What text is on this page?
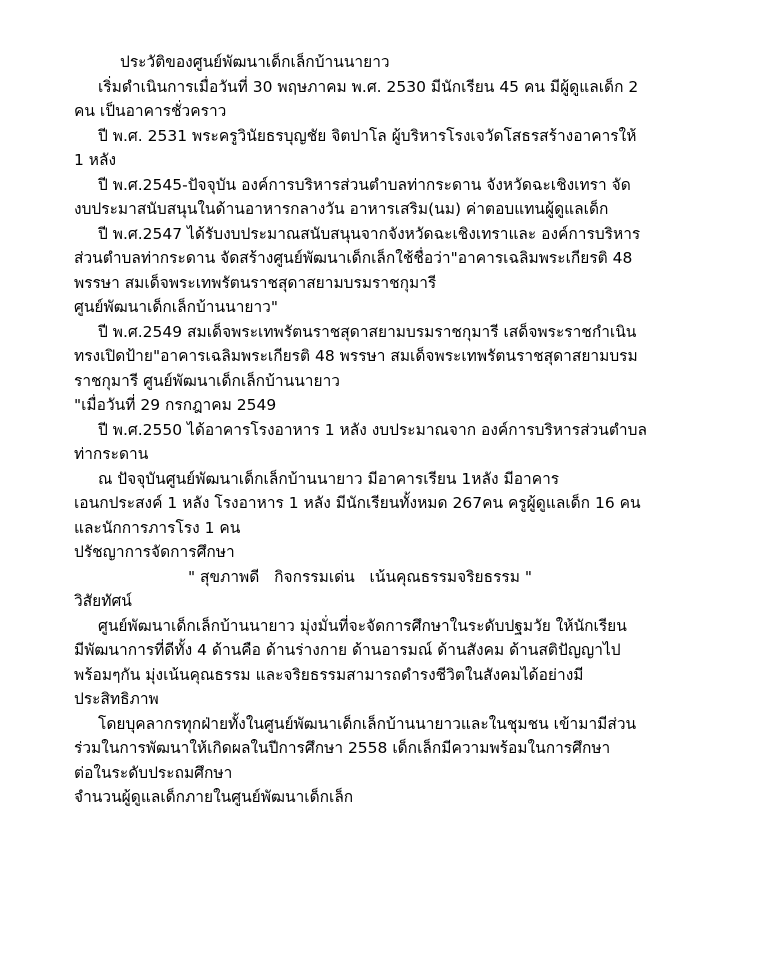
ประวัติของศูนย์พัฒนาเด็กเล็กบ้านนายาว
เริ่มดำเนินการเมื่อวันที่ 30 พฤษภาคม พ.ศ. 2530 มีนักเรียน 45 คน มีผู้ดูแลเด็ก 2
คน เป็นอาคารชั่วคราว
ปี พ.ศ. 2531 พระครูวินัยธรบุญชัย จิตปาโล ผู้บริหารโรงเจวัดโสธรสร้างอาคารให้
1 หลัง
ปี พ.ศ.2545-ปัจจุบัน องค์การบริหารส่วนตำบลท่ากระดาน จังหวัดฉะเชิงเทรา จัด
งบประมาสนับสนุนในด้านอาหารกลางวัน อาหารเสริม(นม) ค่าตอบแทนผู้ดูแลเด็ก
ปี พ.ศ.2547 ได้รับงบประมาณสนับสนุนจากจังหวัดฉะเชิงเทราและ องค์การบริหาร
ส่วนตำบลท่ากระดาน จัดสร้างศูนย์พัฒนาเด็กเล็กใช้ชื่อว่า"อาคารเฉลิมพระเกียรติ 48
พรรษา สมเด็จพระเทพรัตนราชสุดาสยามบรมราชกุมารี
ศูนย์พัฒนาเด็กเล็กบ้านนายาว"
ปี พ.ศ.2549 สมเด็จพระเทพรัตนราชสุดาสยามบรมราชกุมารี เสด็จพระราชกำเนิน
ทรงเปิดป้าย"อาคารเฉลิมพระเกียรติ 48 พรรษา สมเด็จพระเทพรัตนราชสุดาสยามบรม
ราชกุมารี ศูนย์พัฒนาเด็กเล็กบ้านนายาว
"เมื่อวันที่ 29 กรกฎาคม 2549
ปี พ.ศ.2550 ได้อาคารโรงอาหาร 1 หลัง งบประมาณจาก องค์การบริหารส่วนตำบล
ท่ากระดาน
ณ ปัจจุบันศูนย์พัฒนาเด็กเล็กบ้านนายาว มีอาคารเรียน 1หลัง มีอาคาร
เอนกประสงค์ 1 หลัง โรงอาหาร 1 หลัง มีนักเรียนทั้งหมด 267คน ครูผู้ดูแลเด็ก 16 คน
และนักการภารโรง 1 คน
ปรัชญาการจัดการศึกษา
" สุขภาพดี   กิจกรรมเด่น   เน้นคุณธรรมจริยธรรม "
วิสัยทัศน์
ศูนย์พัฒนาเด็กเล็กบ้านนายาว มุ่งมั่นที่จะจัดการศึกษาในระดับปฐมวัย ให้นักเรียน
มีพัฒนาการที่ดีทั้ง 4 ด้านคือ ด้านร่างกาย ด้านอารมณ์ ด้านสังคม ด้านสติปัญญาไป
พร้อมๆกัน มุ่งเน้นคุณธรรม และจริยธรรมสามารถดำรงชีวิตในสังคมได้อย่างมี
ประสิทธิภาพ
โดยบุคลากรทุกฝ่ายทั้งในศูนย์พัฒนาเด็กเล็กบ้านนายาวและในชุมชน เข้ามามีส่วน
ร่วมในการพัฒนาให้เกิดผลในปีการศึกษา 2558 เด็กเล็กมีความพร้อมในการศึกษา
ต่อในระดับประถมศึกษา
จำนวนผู้ดูแลเด็กภายในศูนย์พัฒนาเด็กเล็ก
